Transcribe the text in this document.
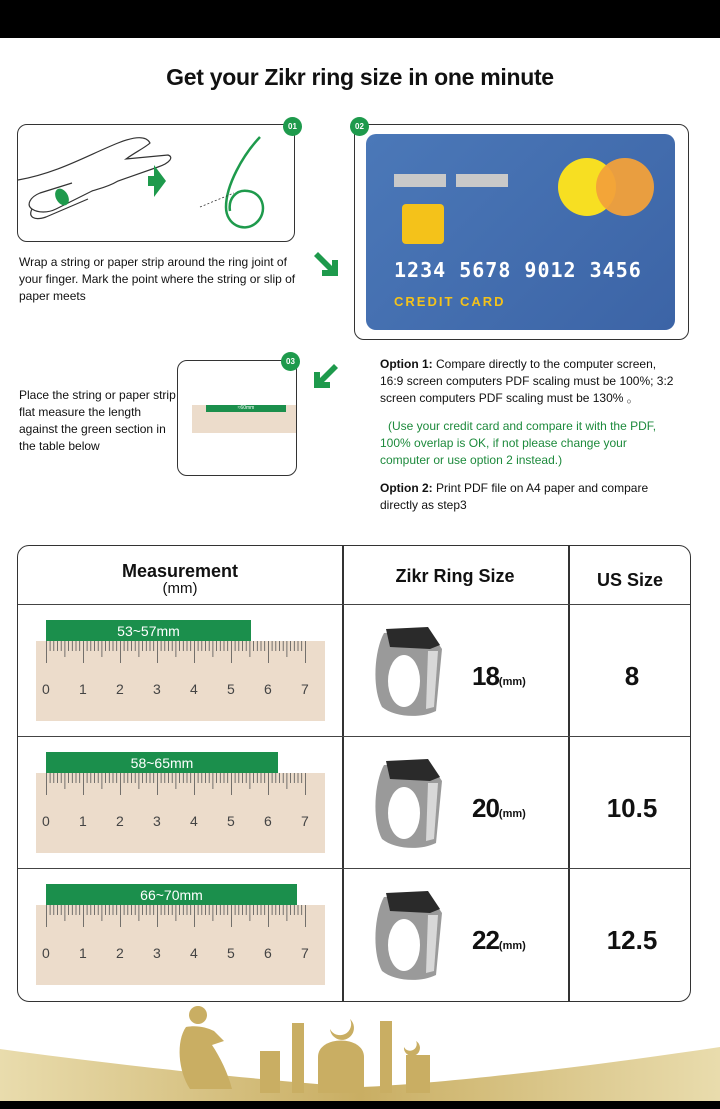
Get your Zikr ring size in one minute
01
Wrap a string or paper strip around the ring joint of your finger. Mark the point where the string or slip of paper meets
02
1234 5678 9012 3456
CREDIT CARD
Place the string or paper strip flat measure the length against the green section in the table below
≈60mm
03	Option 1: Compare directly to the computer screen, 16:9 screen computers PDF scaling must be 100%; 3:2 screen computers PDF scaling must be 130% 。
(Use your credit card and compare it with the PDF, 100% overlap is OK, if not please change your computer or use option 2 instead.)
Option 2: Print PDF file on A4 paper and compare directly as step3
Measurement
(mm)
Zikr Ring Size	US Size
0 1 2 3 4 5 6 7
53~57mm
18(mm)	8
0 1 2 3 4 5 6 7
58~65mm
20(mm)	10.5
0 1 2 3 4 5 6 7
66~70mm
22(mm)	12.5
